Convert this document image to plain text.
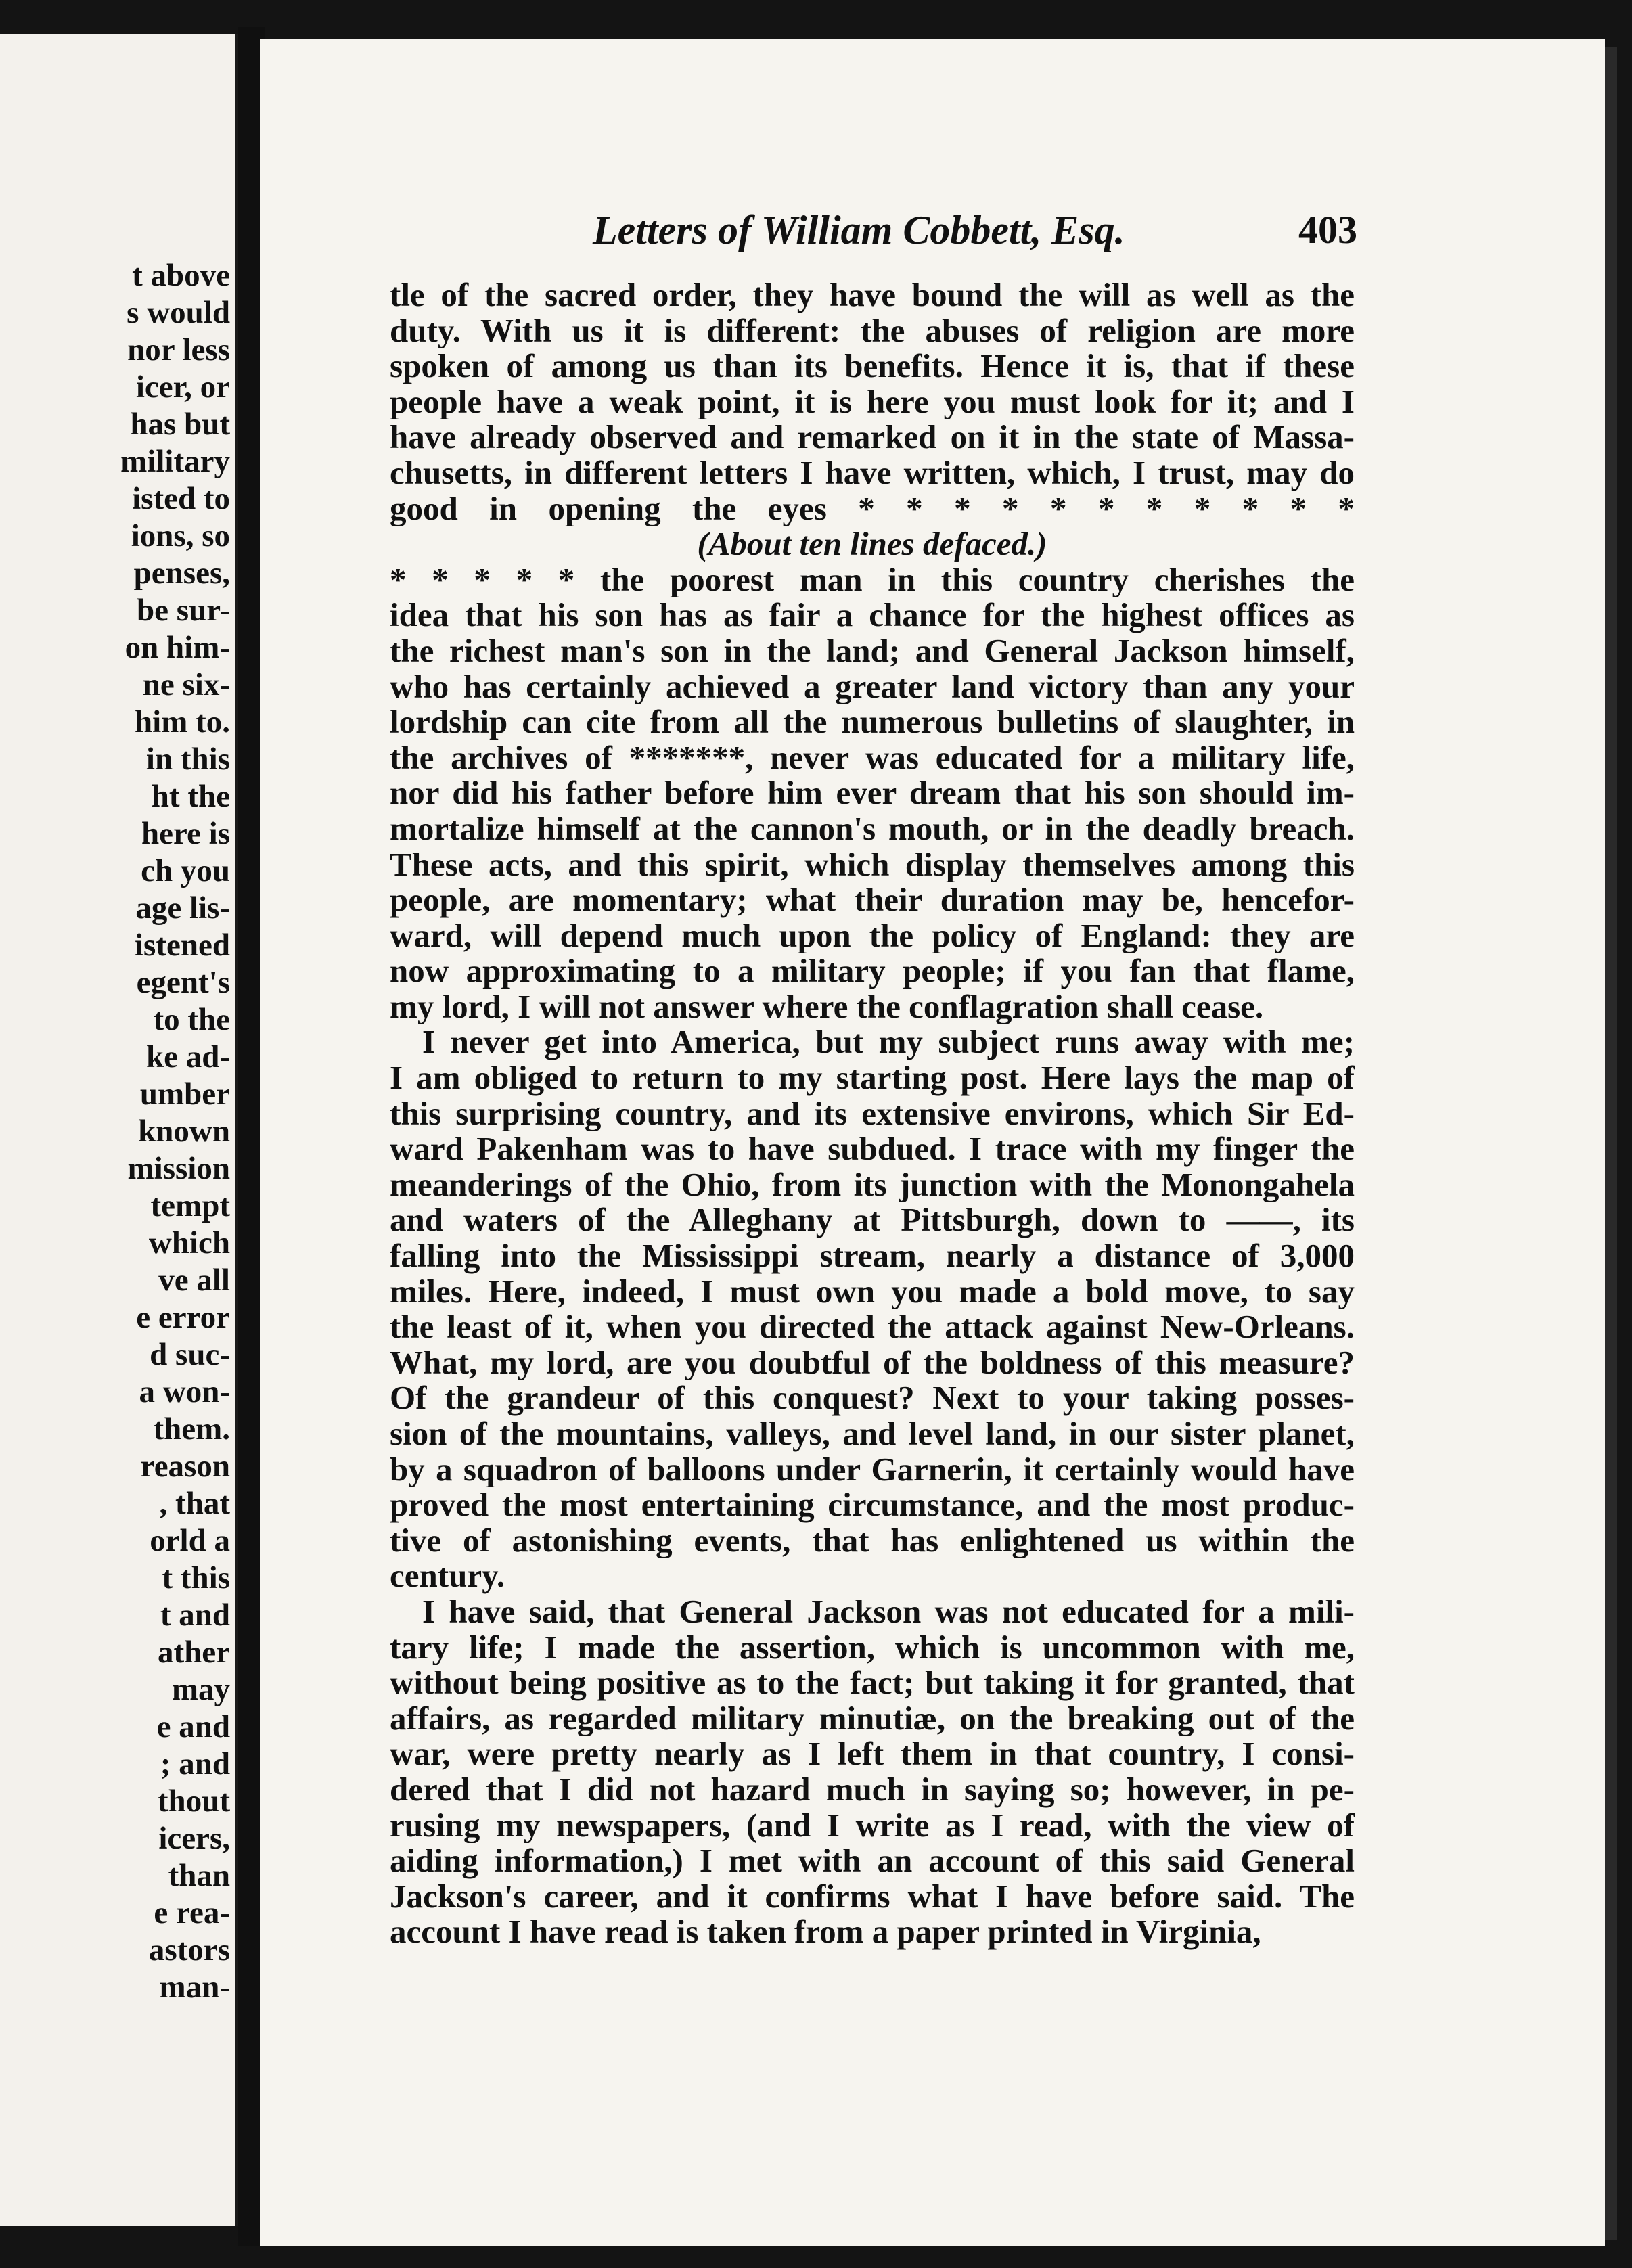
t above
s would
nor less
icer, or
has but
military
isted to
ions, so
penses,
be sur-
on him-
ne six-
him to.
in this
ht the
here is
ch you
age lis-
istened
egent's
to the
ke ad-
umber
known
mission
tempt
which
ve all
e error
d suc-
a won-
them.
reason
, that
orld a
t this
t and
ather
may
e and
; and
thout
icers,
than
e rea-
astors
man-
Letters of William Cobbett, Esq.	403
tle of the sacred order, they have bound the will as well as the
duty. With us it is different: the abuses of religion are more
spoken of among us than its benefits. Hence it is, that if these
people have a weak point, it is here you must look for it; and I
have already observed and remarked on it in the state of Massa-
chusetts, in different letters I have written, which, I trust, may do
good in opening the eyes * * * * * * * * * * *
(About ten lines defaced.)
* * * * * the poorest man in this country cherishes the
idea that his son has as fair a chance for the highest offices as
the richest man's son in the land; and General Jackson himself,
who has certainly achieved a greater land victory than any your
lordship can cite from all the numerous bulletins of slaughter, in
the archives of *******, never was educated for a military life,
nor did his father before him ever dream that his son should im-
mortalize himself at the cannon's mouth, or in the deadly breach.
These acts, and this spirit, which display themselves among this
people, are momentary; what their duration may be, hencefor-
ward, will depend much upon the policy of England: they are
now approximating to a military people; if you fan that flame,
my lord, I will not answer where the conflagration shall cease.
I never get into America, but my subject runs away with me;
I am obliged to return to my starting post. Here lays the map of
this surprising country, and its extensive environs, which Sir Ed-
ward Pakenham was to have subdued. I trace with my finger the
meanderings of the Ohio, from its junction with the Monongahela
and waters of the Alleghany at Pittsburgh, down to ——, its
falling into the Mississippi stream, nearly a distance of 3,000
miles. Here, indeed, I must own you made a bold move, to say
the least of it, when you directed the attack against New-Orleans.
What, my lord, are you doubtful of the boldness of this measure?
Of the grandeur of this conquest? Next to your taking posses-
sion of the mountains, valleys, and level land, in our sister planet,
by a squadron of balloons under Garnerin, it certainly would have
proved the most entertaining circumstance, and the most produc-
tive of astonishing events, that has enlightened us within the
century.
I have said, that General Jackson was not educated for a mili-
tary life; I made the assertion, which is uncommon with me,
without being positive as to the fact; but taking it for granted, that
affairs, as regarded military minutiæ, on the breaking out of the
war, were pretty nearly as I left them in that country, I consi-
dered that I did not hazard much in saying so; however, in pe-
rusing my newspapers, (and I write as I read, with the view of
aiding information,) I met with an account of this said General
Jackson's career, and it confirms what I have before said. The
account I have read is taken from a paper printed in Virginia,
